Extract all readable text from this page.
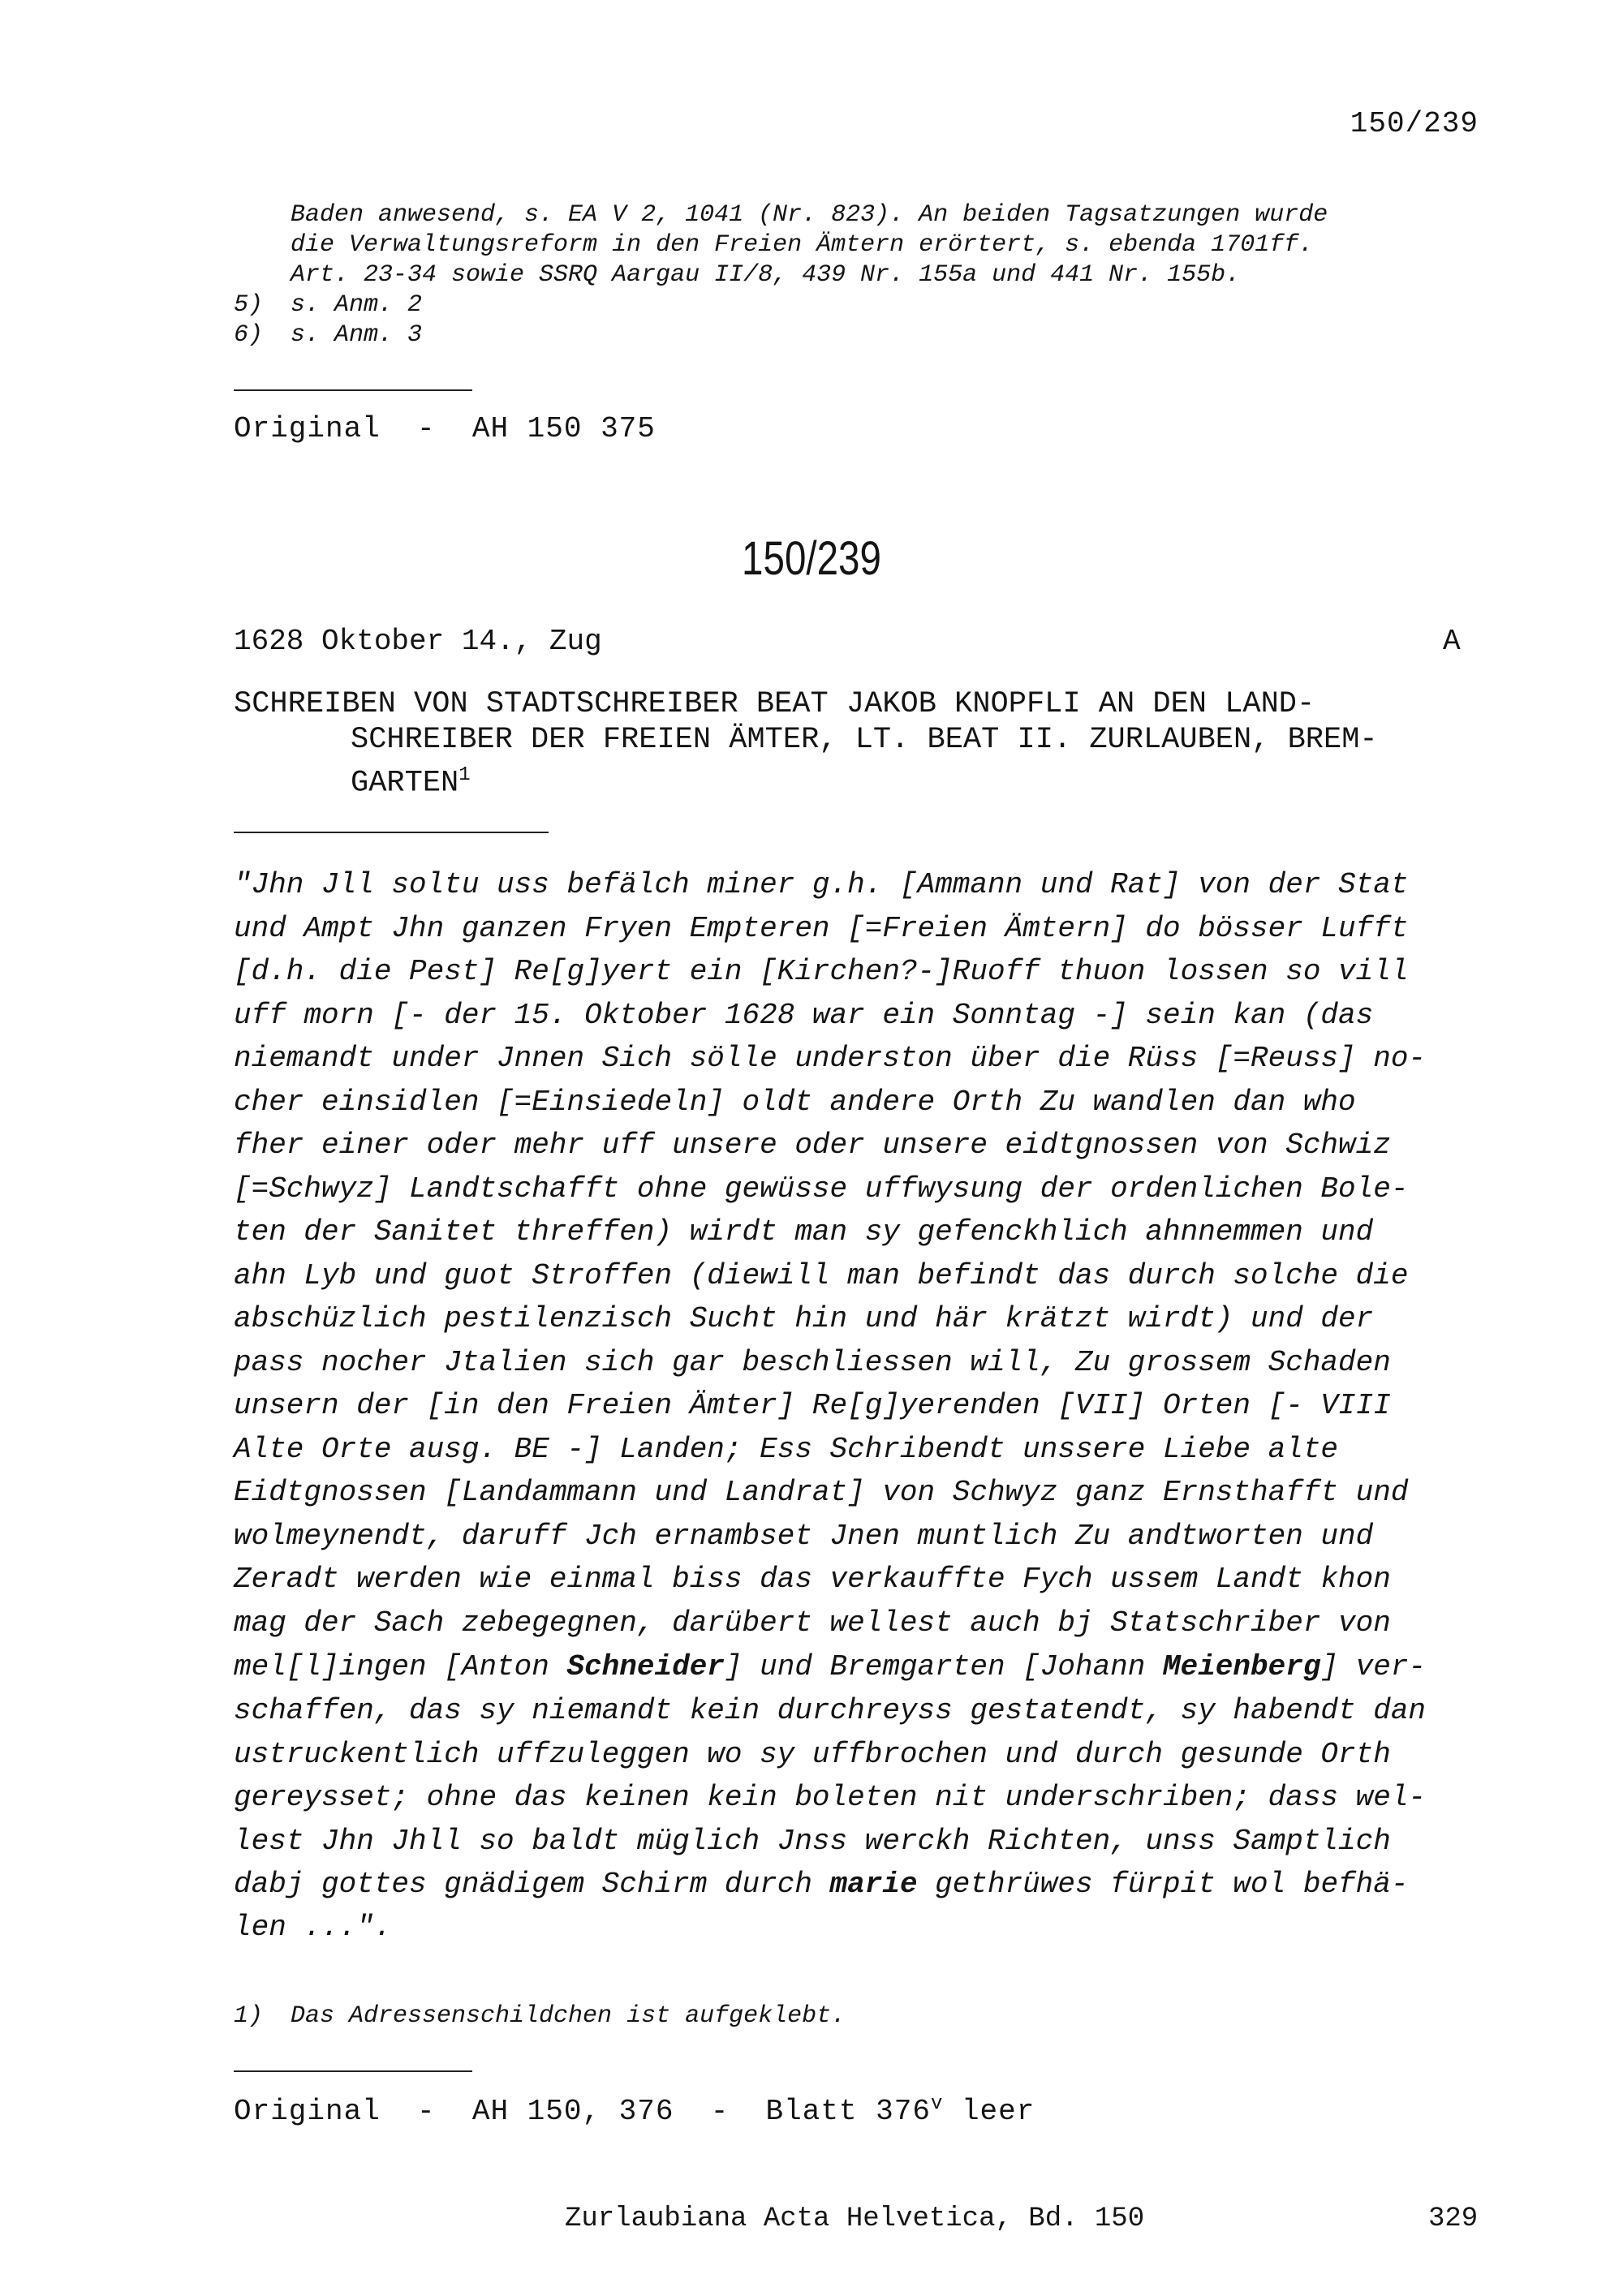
150/239
Baden anwesend, s. EA V 2, 1041 (Nr. 823). An beiden Tagsatzungen wurde
die Verwaltungsreform in den Freien Ämtern erörtert, s. ebenda 1701ff.
Art. 23-34 sowie SSRQ Aargau II/8, 439 Nr. 155a und 441 Nr. 155b.
5) s. Anm. 2
6) s. Anm. 3
Original  -  AH 150 375
150/239
1628 Oktober 14., Zug	A
SCHREIBEN VON STADTSCHREIBER BEAT JAKOB KNOPFLI AN DEN LAND-
SCHREIBER DER FREIEN ÄMTER, LT. BEAT II. ZURLAUBEN, BREM-
GARTEN$^1$
"Jhn Jll soltu uss befälch miner g.h. [Ammann und Rat] von der Stat
und Ampt Jhn ganzen Fryen Empteren [=Freien Ämtern] do bösser Lufft
[d.h. die Pest] Re[g]yert ein [Kirchen?-]Ruoff thuon lossen so vill
uff morn [- der 15. Oktober 1628 war ein Sonntag -] sein kan (das
niemandt under Jnnen Sich sölle underston über die Rüss [=Reuss] no-
cher einsidlen [=Einsiedeln] oldt andere Orth Zu wandlen dan who
fher einer oder mehr uff unsere oder unsere eidtgnossen von Schwiz
[=Schwyz] Landtschafft ohne gewüsse uffwysung der ordenlichen Bole-
ten der Sanitet threffen) wirdt man sy gefenckhlich ahnnemmen und
ahn Lyb und guot Stroffen (diewill man befindt das durch solche die
abschüzlich pestilenzisch Sucht hin und här krätzt wirdt) und der
pass nocher Jtalien sich gar beschliessen will, Zu grossem Schaden
unsern der [in den Freien Ämter] Re[g]yerenden [VII] Orten [- VIII
Alte Orte ausg. BE -] Landen; Ess Schribendt unssere Liebe alte
Eidtgnossen [Landammann und Landrat] von Schwyz ganz Ernsthafft und
wolmeynendt, daruff Jch ernambset Jnen muntlich Zu andtworten und
Zeradt werden wie einmal biss das verkauffte Fych ussem Landt khon
mag der Sach zebegegnen, darübert wellest auch bj Statschriber von
mel[l]ingen [Anton Schneider] und Bremgarten [Johann Meienberg] ver-
schaffen, das sy niemandt kein durchreyss gestatendt, sy habendt dan
ustruckentlich uffzuleggen wo sy uffbrochen und durch gesunde Orth
gereysset; ohne das keinen kein boleten nit underschriben; dass wel-
lest Jhn Jhll so baldt müglich Jnss werckh Richten, unss Samptlich
dabj gottes gnädigem Schirm durch marie gethrüwes fürpit wol befhä-
len ...".
1) Das Adressenschildchen ist aufgeklebt.
Original  -  AH 150, 376  -  Blatt 376$^v$ leer
Zurlaubiana Acta Helvetica, Bd. 150	329
